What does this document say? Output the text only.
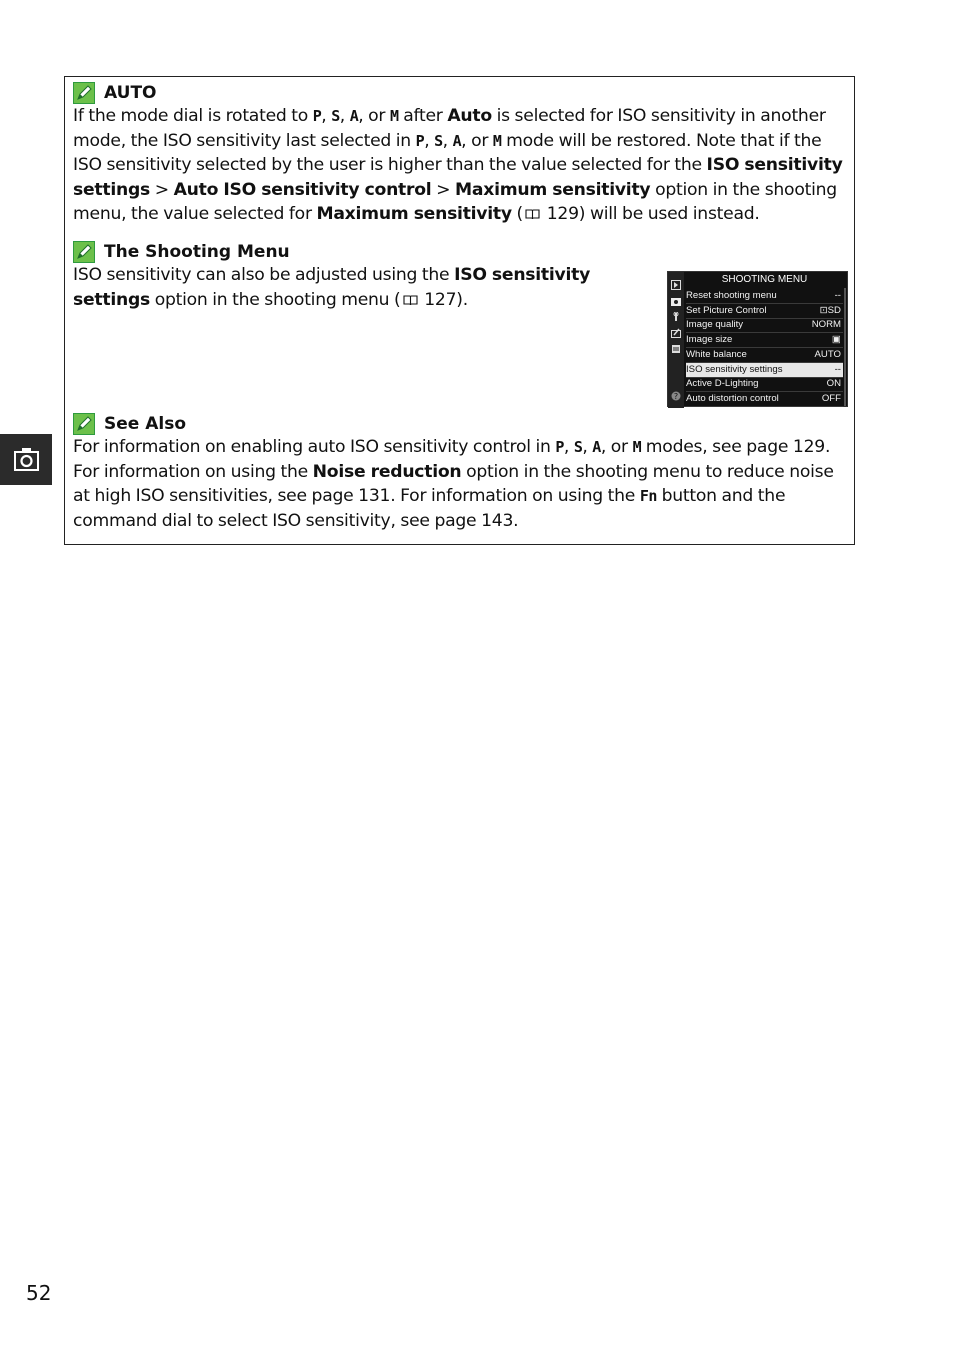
AUTO

If the mode dial is rotated to P, S, A, or M after Auto is selected for ISO sensitivity in another mode, the ISO sensitivity last selected in P, S, A, or M mode will be restored. Note that if the ISO sensitivity selected by the user is higher than the value selected for the ISO sensitivity settings > Auto ISO sensitivity control > Maximum sensitivity option in the shooting menu, the value selected for Maximum sensitivity ( 129) will be used instead.

The Shooting Menu

ISO sensitivity can also be adjusted using the ISO sensitivity settings option in the shooting menu ( 127).

?
SHOOTING MENU
Reset shooting menu	--
Set Picture Control	⊡SD
Image quality	NORM
Image size	▣
White balance	AUTO
ISO sensitivity settings	--
Active D-Lighting	ON
Auto distortion control	OFF
See Also

For information on enabling auto ISO sensitivity control in P, S, A, or M modes, see page 129. For information on using the Noise reduction option in the shooting menu to reduce noise at high ISO sensitivities, see page 131. For information on using the Fn button and the command dial to select ISO sensitivity, see page 143.

52
